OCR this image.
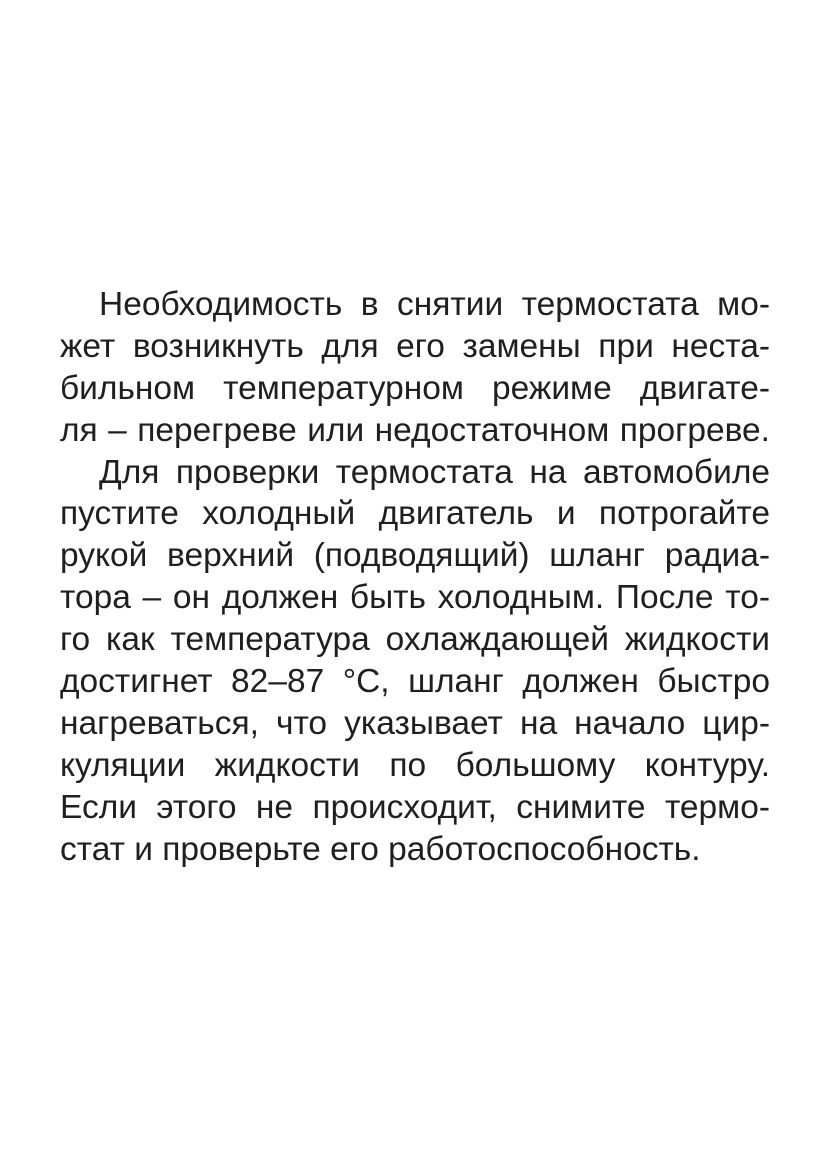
Необходимость в снятии термостата мо-
жет возникнуть для его замены при неста-
бильном температурном режиме двигате-
ля – перегреве или недостаточном прогреве.
Для проверки термостата на автомобиле
пустите холодный двигатель и потрогайте
рукой верхний (подводящий) шланг радиа-
тора – он должен быть холодным. После то-
го как температура охлаждающей жидкости
достигнет 82–87 °С, шланг должен быстро
нагреваться, что указывает на начало цир-
куляции жидкости по большому контуру.
Если этого не происходит, снимите термо-
стат и проверьте его работоспособность.
